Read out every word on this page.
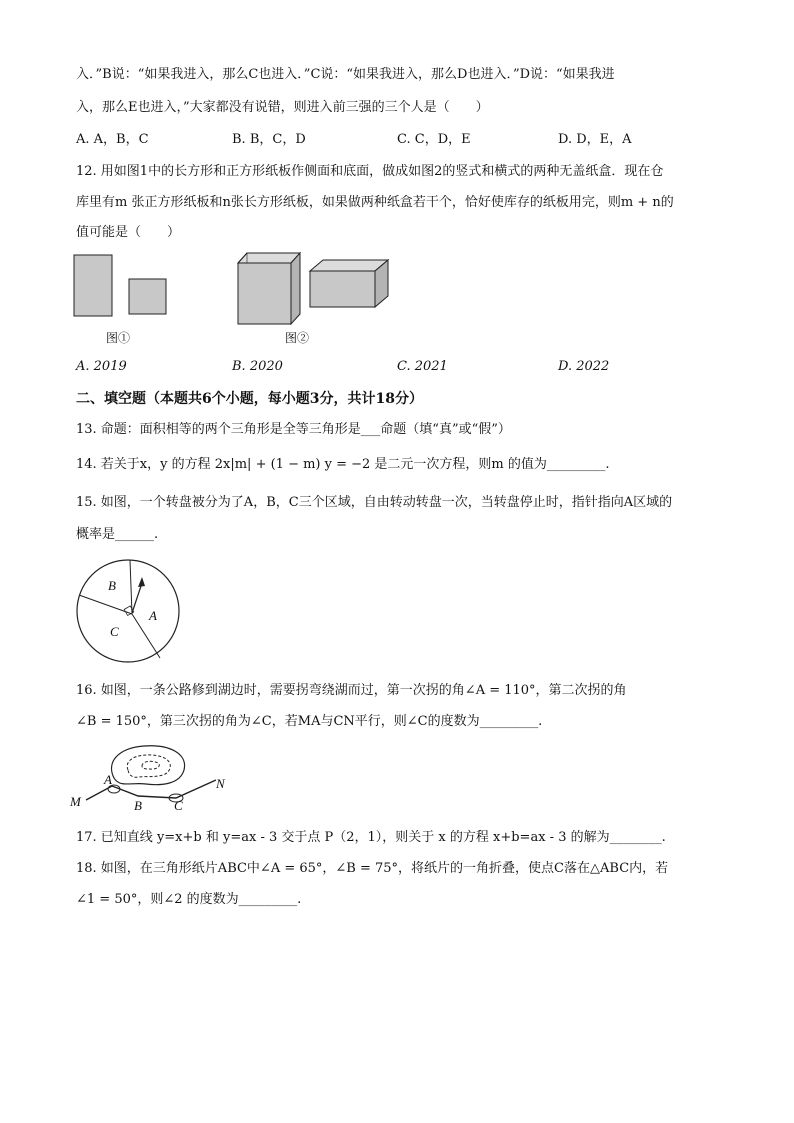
入．”B说：“如果我进入，那么C也进入．”C说：“如果我进入，那么D也进入．”D说：“如果我进
入，那么E也进入，”大家都没有说错，则进入前三强的三个人是（　　）
A. A，B，C	B. B，C，D	C. C，D，E	D. D，E，A
12. 用如图1中的长方形和正方形纸板作侧面和底面，做成如图2的竖式和横式的两种无盖纸盒．现在仓
库里有m 张正方形纸板和n张长方形纸板，如果做两种纸盒若干个，恰好使库存的纸板用完，则m + n的
值可能是（　　）
图①	图②
A. 2019	B. 2020	C. 2021	D. 2022
二、填空题（本题共6个小题，每小题3分，共计18分）
13. 命题：面积相等的两个三角形是全等三角形是___命题（填“真”或“假”）
14. 若关于x，y 的方程 2x|m| + (1 − m) y = −2 是二元一次方程，则m 的值为_________.
15. 如图，一个转盘被分为了A，B，C三个区域，自由转动转盘一次，当转盘停止时，指针指向A区域的
概率是______.
B
A
C
16. 如图，一条公路修到湖边时，需要拐弯绕湖而过，第一次拐的角∠A = 110°，第二次拐的角
∠B = 150°，第三次拐的角为∠C，若MA与CN平行，则∠C的度数为_________.
M
A
B C
N
17. 已知直线 y=x+b 和 y=ax - 3 交于点 P（2，1），则关于 x 的方程 x+b=ax - 3 的解为________.
18. 如图，在三角形纸片ABC中∠A = 65°，∠B = 75°，将纸片的一角折叠，使点C落在△ABC内，若
∠1 = 50°，则∠2 的度数为_________.
